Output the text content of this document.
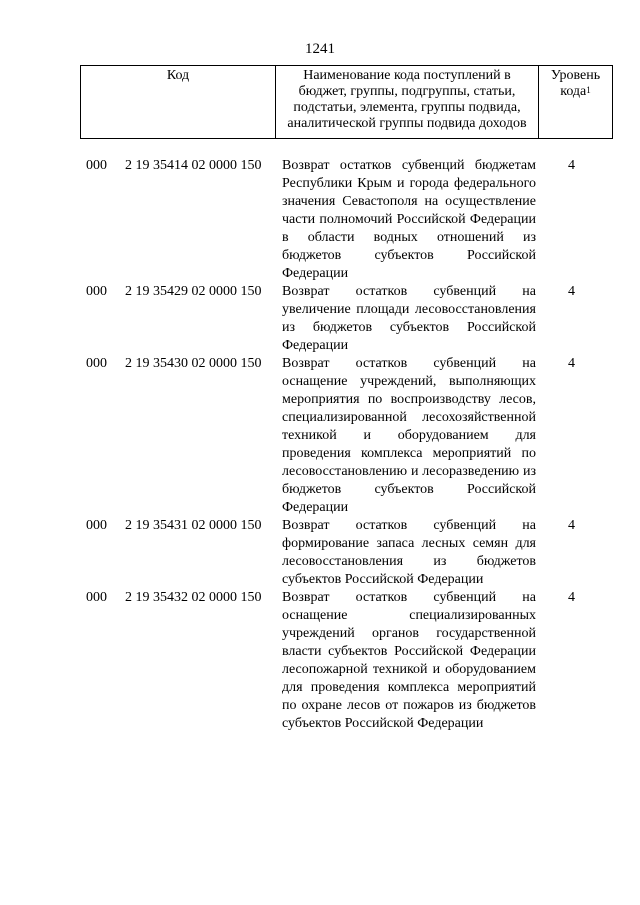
1241
Код	Наименование кода поступлений в
бюджет, группы, подгруппы, статьи,
подстатьи, элемента, группы подвида,
аналитической группы подвида доходов
Уровень
кода$^1$
000 2 19 35414 02 0000 150 Возврат остатков субвенций бюджетам Республики Крым и города федерального значения Севастополя на осуществление части полномочий Российской Федерации в области водных отношений из бюджетов субъектов Российской Федерации
4
000 2 19 35429 02 0000 150 Возврат остатков субвенций на увеличение площади лесовосстановления из бюджетов субъектов Российской Федерации
4
000 2 19 35430 02 0000 150 Возврат остатков субвенций на оснащение учреждений, выполняющих мероприятия по воспроизводству лесов, специализированной лесохозяйственной техникой и оборудованием для проведения комплекса мероприятий по лесовосстановлению и лесоразведению из бюджетов субъектов Российской Федерации
4
000 2 19 35431 02 0000 150 Возврат остатков субвенций на формирование запаса лесных семян для лесовосстановления из бюджетов субъектов Российской Федерации
4
000 2 19 35432 02 0000 150 Возврат остатков субвенций на оснащение специализированных учреждений органов государственной власти субъектов Российской Федерации лесопожарной техникой и оборудованием для проведения комплекса мероприятий по охране лесов от пожаров из бюджетов субъектов Российской Федерации
4
